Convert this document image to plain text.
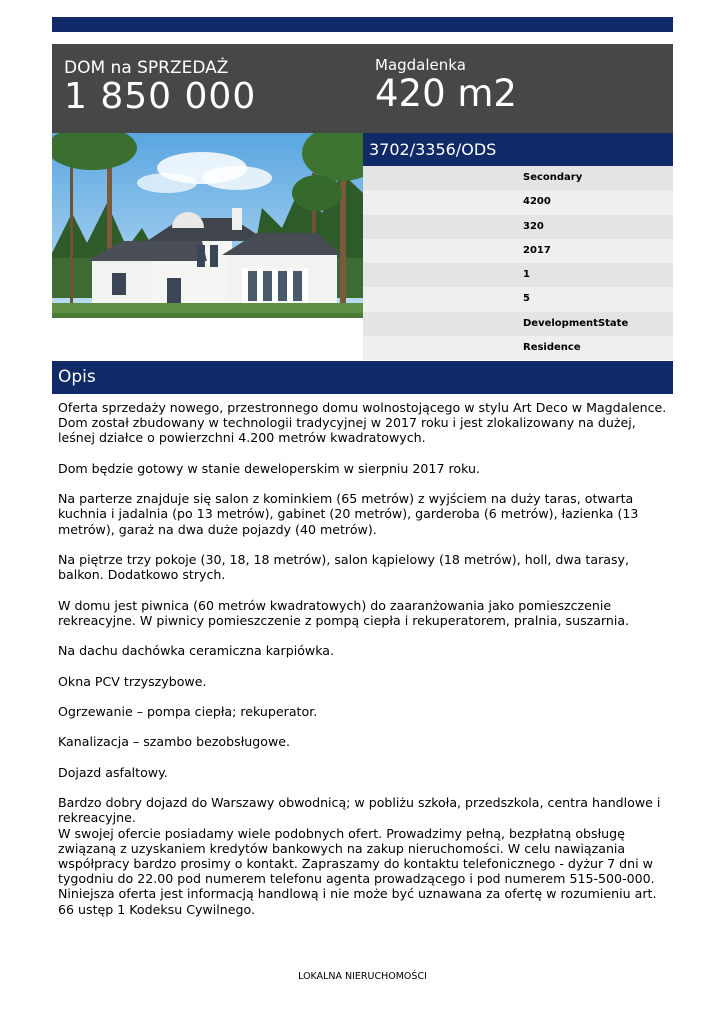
DOM na SPRZEDAŻ
1 850 000
Magdalenka
420 m2
3702/3356/ODS
Secondary
4200
320
2017
1
5
DevelopmentState
Residence
Opis

Oferta sprzedaży nowego, przestronnego domu wolnostojącego w stylu Art Deco w Magdalence. Dom został zbudowany w technologii tradycyjnej w 2017 roku i jest zlokalizowany na dużej, leśnej działce o powierzchni 4.200 metrów kwadratowych.

Dom będzie gotowy w stanie deweloperskim w sierpniu 2017 roku.

Na parterze znajduje się salon z kominkiem (65 metrów) z wyjściem na duży taras, otwarta kuchnia i jadalnia (po 13 metrów), gabinet (20 metrów), garderoba (6 metrów), łazienka (13 metrów), garaż na dwa duże pojazdy (40 metrów).

Na piętrze trzy pokoje (30, 18, 18 metrów), salon kąpielowy (18 metrów), holl, dwa tarasy, balkon. Dodatkowo strych.

W domu jest piwnica (60 metrów kwadratowych) do zaaranżowania jako pomieszczenie rekreacyjne. W piwnicy pomieszczenie z pompą ciepła i rekuperatorem, pralnia, suszarnia.

Na dachu dachówka ceramiczna karpiówka.

Okna PCV trzyszybowe.

Ogrzewanie – pompa ciepła; rekuperator.

Kanalizacja – szambo bezobsługowe.

Dojazd asfaltowy.

Bardzo dobry dojazd do Warszawy obwodnicą; w pobliżu szkoła, przedszkola, centra handlowe i rekreacyjne.

W swojej ofercie posiadamy wiele podobnych ofert. Prowadzimy pełną, bezpłatną obsługę związaną z uzyskaniem kredytów bankowych na zakup nieruchomości. W celu nawiązania współpracy bardzo prosimy o kontakt. Zapraszamy do kontaktu telefonicznego - dyżur 7 dni w tygodniu do 22.00 pod numerem telefonu agenta prowadzącego i pod numerem 515-500-000. Niniejsza oferta jest informacją handlową i nie może być uznawana za ofertę w rozumieniu art. 66 ustęp 1 Kodeksu Cywilnego.

LOKALNA NIERUCHOMOŚCI
